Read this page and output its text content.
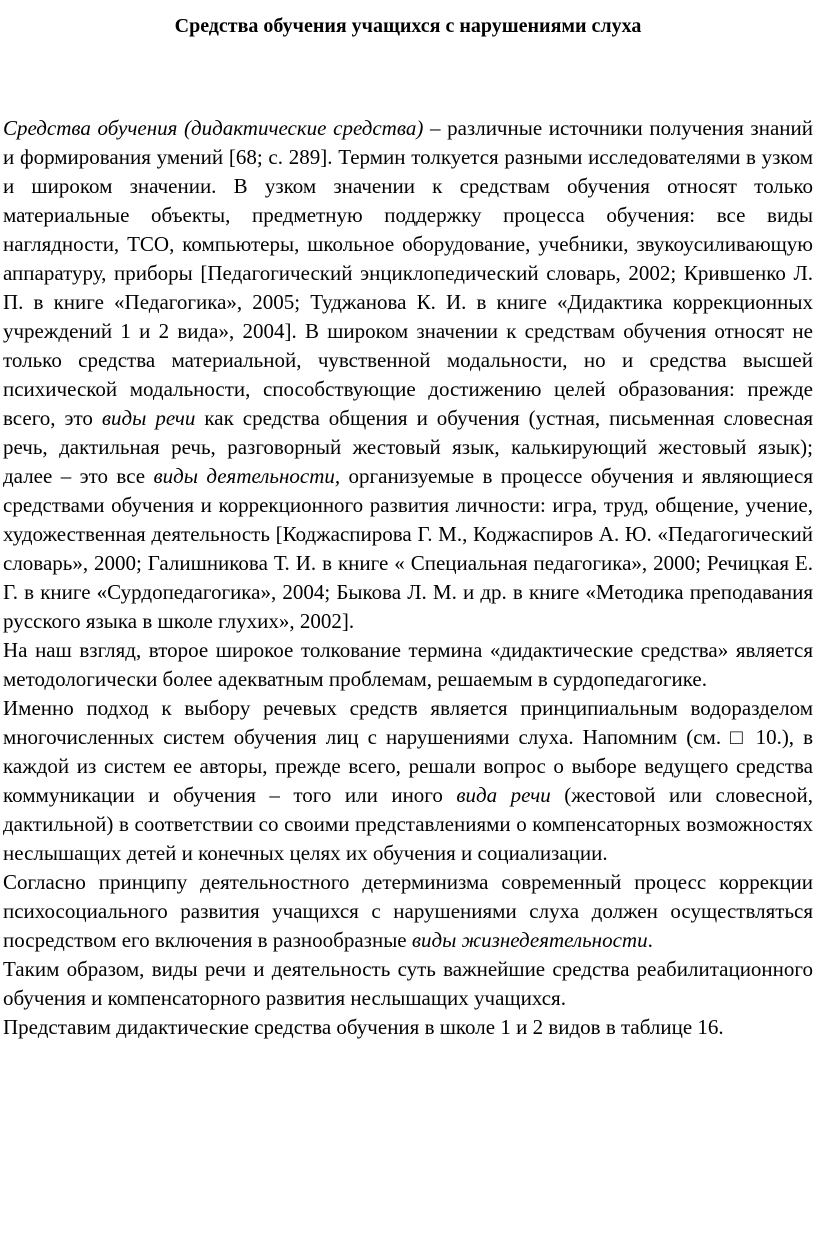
Средства обучения учащихся с нарушениями слуха

Средства обучения (дидактические средства) – различные источники получения знаний и формирования умений [68; с. 289]. Термин толкуется разными исследователями в узком и широком значении. В узком значении к средствам обучения относят только материальные объекты, предметную поддержку процесса обучения: все виды наглядности, ТСО, компьютеры, школьное оборудование, учебники, звукоусиливающую аппаратуру, приборы [Педагогический энциклопедический словарь, 2002; Крившенко Л. П. в книге «Педагогика», 2005; Туджанова К. И. в книге «Дидактика коррекционных учреждений 1 и 2 вида», 2004]. В широком значении к средствам обучения относят не только средства материальной, чувственной модальности, но и средства высшей психической модальности, способствующие достижению целей образования: прежде всего, это виды речи как средства общения и обучения (устная, письменная словесная речь, дактильная речь, разговорный жестовый язык, калькирующий жестовый язык); далее – это все виды деятельности, организуемые в процессе обучения и являющиеся средствами обучения и коррекционного развития личности: игра, труд, общение, учение, художественная деятельность [Коджаспирова Г. М., Коджаспиров А. Ю. «Педагогический словарь», 2000; Галишникова Т. И. в книге « Специальная педагогика», 2000; Речицкая Е. Г. в книге «Сурдопедагогика», 2004; Быкова Л. М. и др. в книге «Методика преподавания русского языка в школе глухих», 2002].

На наш взгляд, второе широкое толкование термина «дидактические средства» является методологически более адекватным проблемам, решаемым в сурдопедагогике.

Именно подход к выбору речевых средств является принципиальным водоразделом многочисленных систем обучения лиц с нарушениями слуха. Напомним (см. □ 10.), в каждой из систем ее авторы, прежде всего, решали вопрос о выборе ведущего средства коммуникации и обучения – того или иного вида речи (жестовой или словесной, дактильной) в соответствии со своими представлениями о компенсаторных возможностях неслышащих детей и конечных целях их обучения и социализации.

Согласно принципу деятельностного детерминизма современный процесс коррекции психосоциального развития учащихся с нарушениями слуха должен осуществляться посредством его включения в разнообразные виды жизнедеятельности.

Таким образом, виды речи и деятельность суть важнейшие средства реабилитационного обучения и компенсаторного развития неслышащих учащихся.

Представим дидактические средства обучения в школе 1 и 2 видов в таблице 16.
